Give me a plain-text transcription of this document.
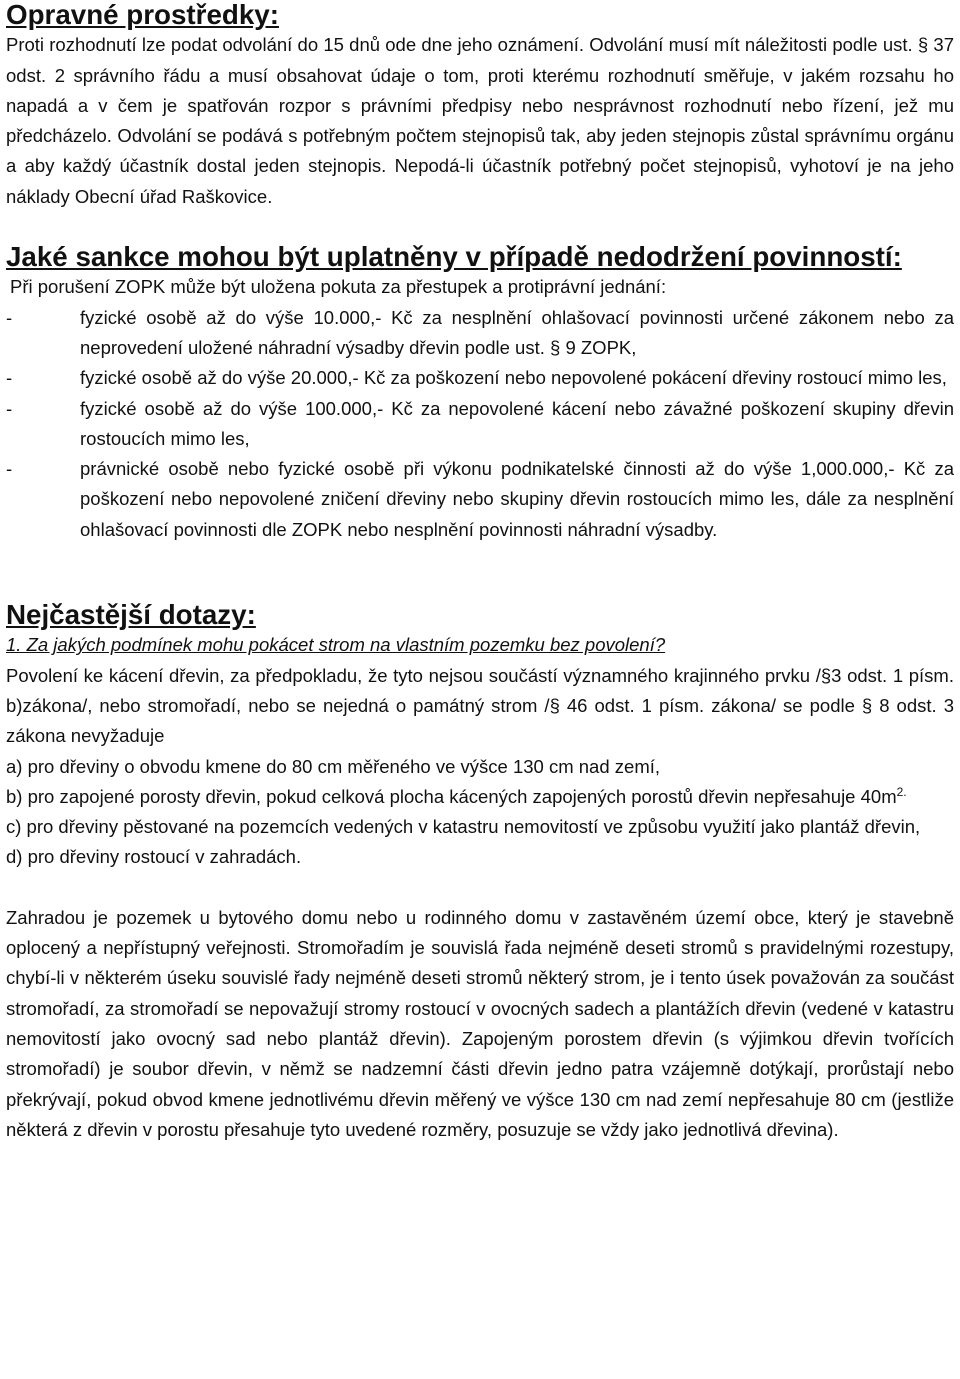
Opravné prostředky:

Proti rozhodnutí lze podat odvolání do 15 dnů ode dne jeho oznámení. Odvolání musí mít náležitosti podle ust. § 37 odst. 2 správního řádu a musí obsahovat údaje o tom, proti kterému rozhodnutí směřuje, v jakém rozsahu ho napadá a v čem je spatřován rozpor s právními předpisy nebo nesprávnost rozhodnutí nebo řízení, jež mu předcházelo. Odvolání se podává s potřebným počtem stejnopisů tak, aby jeden stejnopis zůstal správnímu orgánu a aby každý účastník dostal jeden stejnopis. Nepodá-li účastník potřebný počet stejnopisů, vyhotoví je na jeho náklady Obecní úřad Raškovice.

Jaké sankce mohou být uplatněny v případě nedodržení povinností:

Při porušení ZOPK může být uložena pokuta za přestupek a protiprávní jednání:

-	fyzické osobě až do výše 10.000,- Kč za nesplnění ohlašovací povinnosti určené zákonem nebo za neprovedení uložené náhradní výsadby dřevin podle ust. § 9 ZOPK,
-	fyzické osobě až do výše 20.000,- Kč za poškození nebo nepovolené pokácení dřeviny rostoucí mimo les,
-	fyzické osobě až do výše 100.000,- Kč za nepovolené kácení nebo závažné poškození skupiny dřevin rostoucích mimo les,
-	právnické osobě nebo fyzické osobě při výkonu podnikatelské činnosti až do výše 1,000.000,- Kč za poškození nebo nepovolené zničení dřeviny nebo skupiny dřevin rostoucích mimo les, dále za nesplnění ohlašovací povinnosti dle ZOPK nebo nesplnění povinnosti náhradní výsadby.
Nejčastější dotazy:

1. Za jakých podmínek mohu pokácet strom na vlastním pozemku bez povolení?

Povolení ke kácení dřevin, za předpokladu, že tyto nejsou součástí významného krajinného prvku /§3 odst. 1 písm. b)zákona/, nebo stromořadí, nebo se nejedná o památný strom /§ 46 odst. 1 písm. zákona/ se podle § 8 odst. 3 zákona nevyžaduje

a) pro dřeviny o obvodu kmene do 80 cm měřeného ve výšce 130 cm nad zemí,

b) pro zapojené porosty dřevin, pokud celková plocha kácených zapojených porostů dřevin nepřesahuje $40m^{2.}$

c) pro dřeviny pěstované na pozemcích vedených v katastru nemovitostí ve způsobu využití jako plantáž dřevin,

d) pro dřeviny rostoucí v zahradách.

Zahradou je pozemek u bytového domu nebo u rodinného domu v zastavěném území obce, který je stavebně oplocený a nepřístupný veřejnosti. Stromořadím je souvislá řada nejméně deseti stromů s pravidelnými rozestupy, chybí-li v některém úseku souvislé řady nejméně deseti stromů některý strom, je i tento úsek považován za součást stromořadí, za stromořadí se nepovažují stromy rostoucí v ovocných sadech a plantážích dřevin (vedené v katastru nemovitostí jako ovocný sad nebo plantáž dřevin). Zapojeným porostem dřevin (s výjimkou dřevin tvořících stromořadí) je soubor dřevin, v němž se nadzemní části dřevin jedno patra vzájemně dotýkají, prorůstají nebo překrývají, pokud obvod kmene jednotlivému dřevin měřený ve výšce 130 cm nad zemí nepřesahuje 80 cm (jestliže některá z dřevin v porostu přesahuje tyto uvedené rozměry, posuzuje se vždy jako jednotlivá dřevina).
